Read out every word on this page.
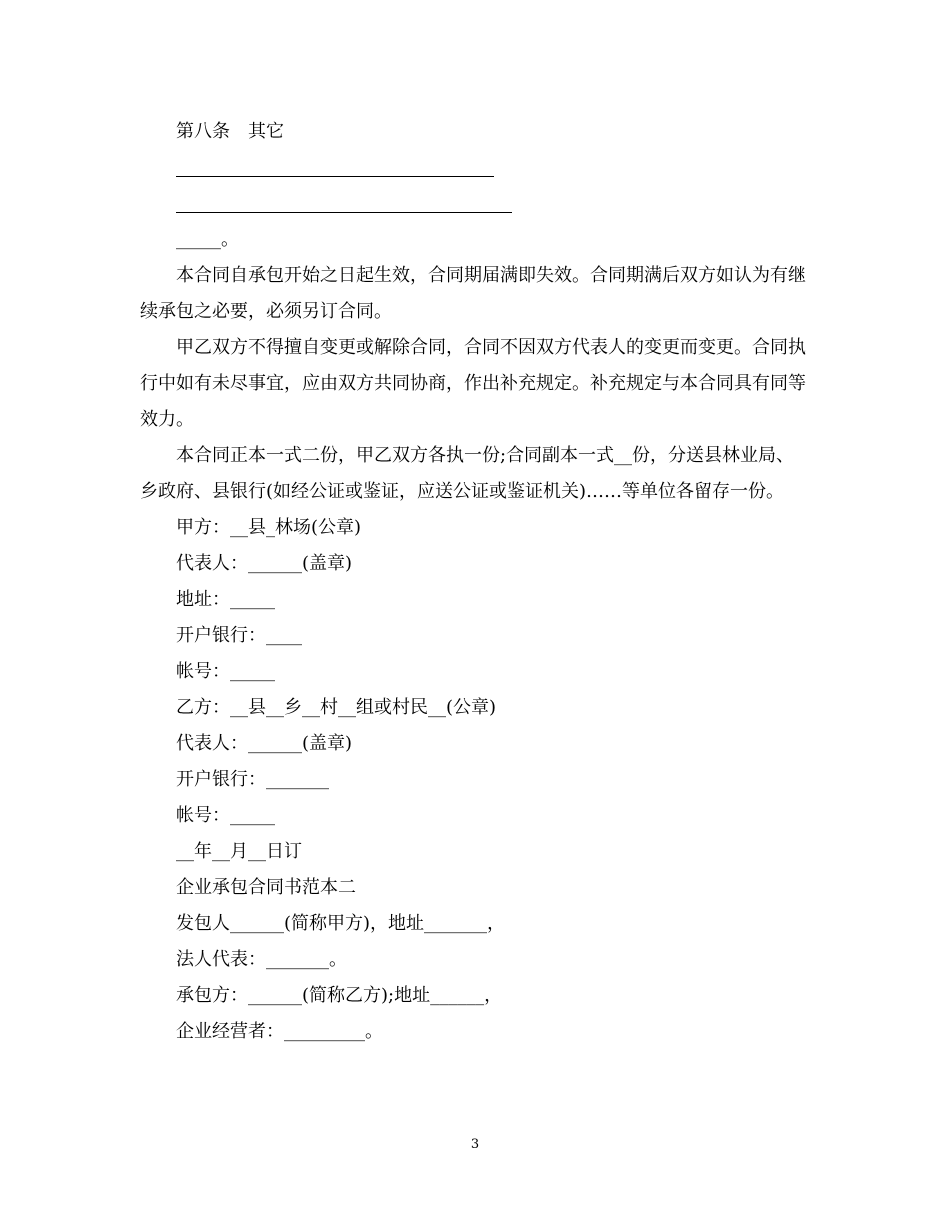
第八条　其它

_____。

本合同自承包开始之日起生效，合同期届满即失效。合同期满后双方如认为有继续承包之必要，必须另订合同。

甲乙双方不得擅自变更或解除合同，合同不因双方代表人的变更而变更。合同执行中如有未尽事宜，应由双方共同协商，作出补充规定。补充规定与本合同具有同等效力。

本合同正本一式二份，甲乙双方各执一份;合同副本一式__份，分送县林业局、乡政府、县银行(如经公证或鉴证，应送公证或鉴证机关)……等单位各留存一份。

甲方：__县_林场(公章)

代表人：______(盖章)

地址：_____

开户银行：____

帐号：_____

乙方：__县__乡__村__组或村民__(公章)

代表人：______(盖章)

开户银行：_______

帐号：_____

__年__月__日订

企业承包合同书范本二

发包人______(简称甲方)，地址_______，

法人代表：_______。

承包方：______(简称乙方);地址______，

企业经营者：_________。

3
